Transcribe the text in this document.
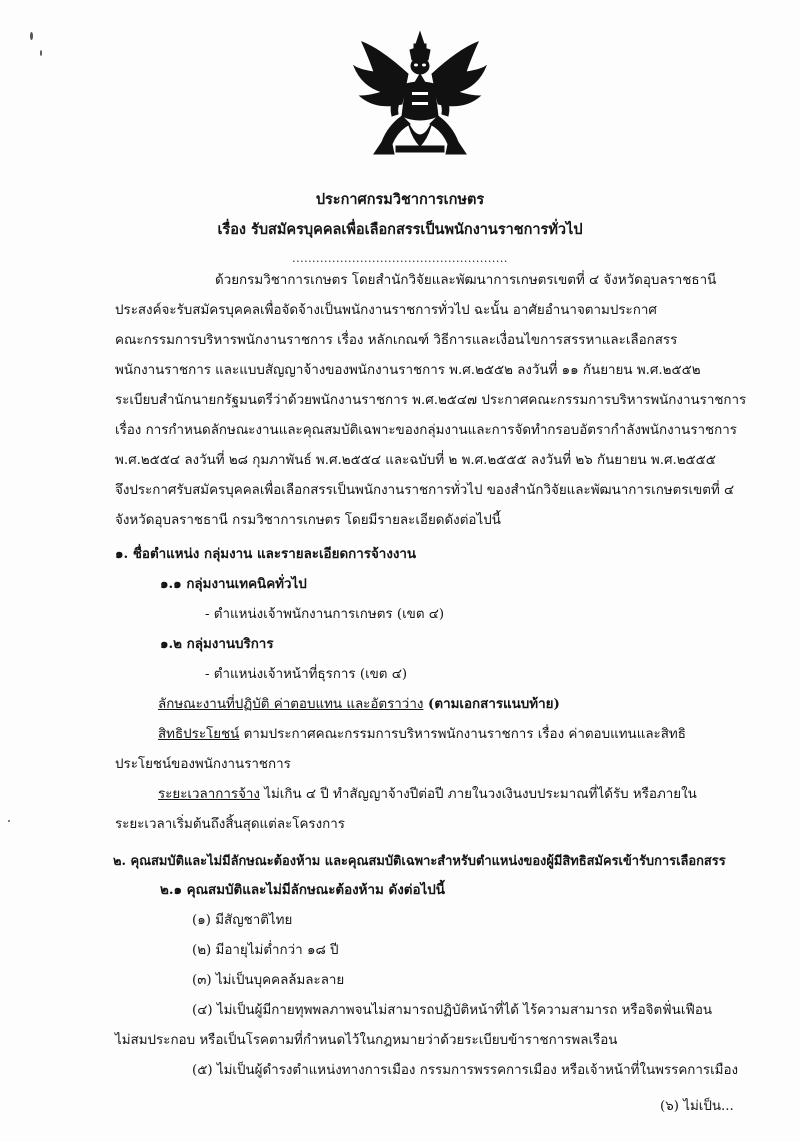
ประกาศกรมวิชาการเกษตร
เรื่อง รับสมัครบุคคลเพื่อเลือกสรรเป็นพนักงานราชการทั่วไป
......................................................
ด้วยกรมวิชาการเกษตร โดยสำนักวิจัยและพัฒนาการเกษตรเขตที่ ๔ จังหวัดอุบลราชธานี
ประสงค์จะรับสมัครบุคคลเพื่อจัดจ้างเป็นพนักงานราชการทั่วไป ฉะนั้น อาศัยอำนาจตามประกาศ
คณะกรรมการบริหารพนักงานราชการ เรื่อง หลักเกณฑ์ วิธีการและเงื่อนไขการสรรหาและเลือกสรร
พนักงานราชการ และแบบสัญญาจ้างของพนักงานราชการ พ.ศ.๒๕๕๒ ลงวันที่ ๑๑ กันยายน พ.ศ.๒๕๕๒
ระเบียบสำนักนายกรัฐมนตรีว่าด้วยพนักงานราชการ พ.ศ.๒๕๔๗ ประกาศคณะกรรมการบริหารพนักงานราชการ
เรื่อง การกำหนดลักษณะงานและคุณสมบัติเฉพาะของกลุ่มงานและการจัดทำกรอบอัตรากำลังพนักงานราชการ
พ.ศ.๒๕๕๔ ลงวันที่ ๒๘ กุมภาพันธ์ พ.ศ.๒๕๕๔ และฉบับที่ ๒ พ.ศ.๒๕๕๕ ลงวันที่ ๒๖ กันยายน พ.ศ.๒๕๕๕
จึงประกาศรับสมัครบุคคลเพื่อเลือกสรรเป็นพนักงานราชการทั่วไป ของสำนักวิจัยและพัฒนาการเกษตรเขตที่ ๔
จังหวัดอุบลราชธานี กรมวิชาการเกษตร โดยมีรายละเอียดดังต่อไปนี้
๑. ชื่อตำแหน่ง กลุ่มงาน และรายละเอียดการจ้างงาน
๑.๑ กลุ่มงานเทคนิคทั่วไป
- ตำแหน่งเจ้าพนักงานการเกษตร (เขต ๔)
๑.๒ กลุ่มงานบริการ
- ตำแหน่งเจ้าหน้าที่ธุรการ (เขต ๔)
ลักษณะงานที่ปฏิบัติ ค่าตอบแทน และอัตราว่าง (ตามเอกสารแนบท้าย)
สิทธิประโยชน์ ตามประกาศคณะกรรมการบริหารพนักงานราชการ เรื่อง ค่าตอบแทนและสิทธิ
ประโยชน์ของพนักงานราชการ
ระยะเวลาการจ้าง ไม่เกิน ๔ ปี ทำสัญญาจ้างปีต่อปี ภายในวงเงินงบประมาณที่ได้รับ หรือภายใน
ระยะเวลาเริ่มต้นถึงสิ้นสุดแต่ละโครงการ
๒. คุณสมบัติและไม่มีลักษณะต้องห้าม และคุณสมบัติเฉพาะสำหรับตำแหน่งของผู้มีสิทธิสมัครเข้ารับการเลือกสรร
๒.๑ คุณสมบัติและไม่มีลักษณะต้องห้าม ดังต่อไปนี้
(๑) มีสัญชาติไทย
(๒) มีอายุไม่ต่ำกว่า ๑๘ ปี
(๓) ไม่เป็นบุคคลล้มละลาย
(๔) ไม่เป็นผู้มีกายทุพพลภาพจนไม่สามารถปฏิบัติหน้าที่ได้ ไร้ความสามารถ หรือจิตฟั่นเฟือน
ไม่สมประกอบ หรือเป็นโรคตามที่กำหนดไว้ในกฎหมายว่าด้วยระเบียบข้าราชการพลเรือน
(๕) ไม่เป็นผู้ดำรงตำแหน่งทางการเมือง กรรมการพรรคการเมือง หรือเจ้าหน้าที่ในพรรคการเมือง
(๖) ไม่เป็น...
